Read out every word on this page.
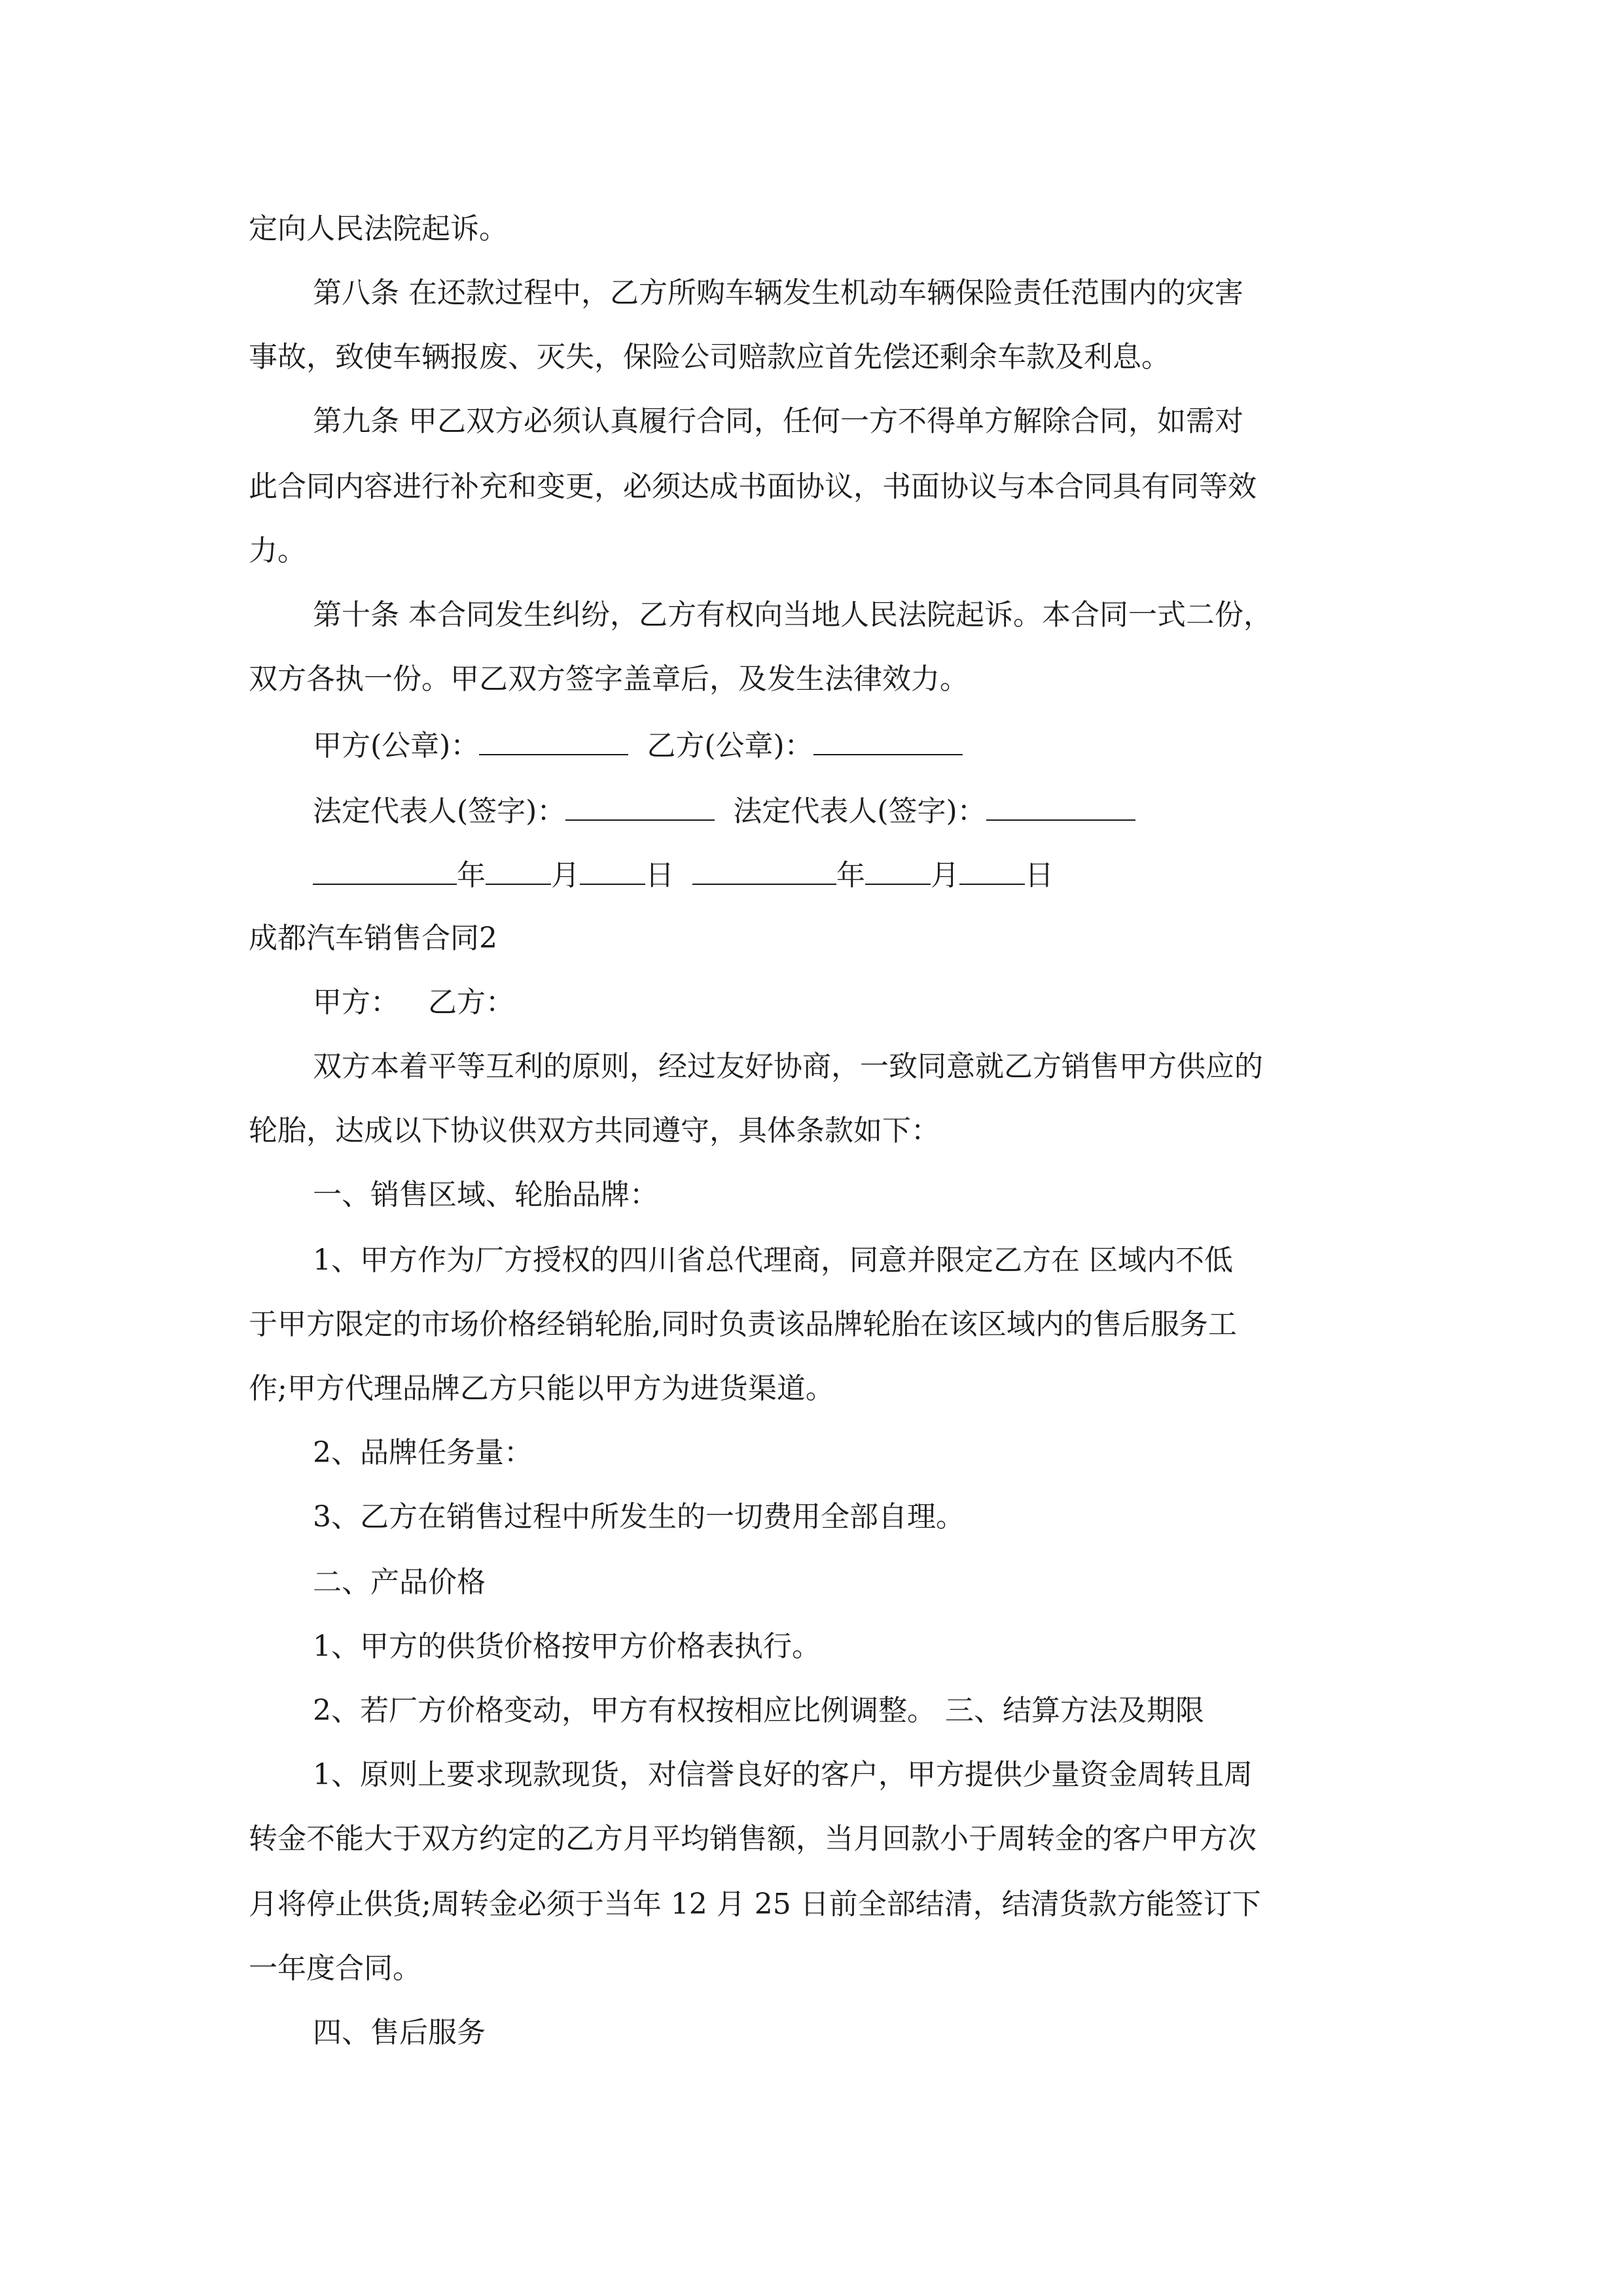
定向人民法院起诉。
第八条 在还款过程中，乙方所购车辆发生机动车辆保险责任范围内的灾害
事故，致使车辆报废、灭失，保险公司赔款应首先偿还剩余车款及利息。
第九条 甲乙双方必须认真履行合同，任何一方不得单方解除合同，如需对
此合同内容进行补充和变更，必须达成书面协议，书面协议与本合同具有同等效
力。
第十条 本合同发生纠纷，乙方有权向当地人民法院起诉。本合同一式二份，
双方各执一份。甲乙双方签字盖章后，及发生法律效力。
甲方(公章)：	乙方(公章)：
法定代表人(签字)：	法定代表人(签字)：
年 月 日	年 月 日
成都汽车销售合同2
甲方： 乙方：
双方本着平等互利的原则，经过友好协商，一致同意就乙方销售甲方供应的
轮胎，达成以下协议供双方共同遵守，具体条款如下：
一、销售区域、轮胎品牌：
1、甲方作为厂方授权的四川省总代理商，同意并限定乙方在 区域内不低
于甲方限定的市场价格经销轮胎,同时负责该品牌轮胎在该区域内的售后服务工
作;甲方代理品牌乙方只能以甲方为进货渠道。
2、品牌任务量：
3、乙方在销售过程中所发生的一切费用全部自理。
二、产品价格
1、甲方的供货价格按甲方价格表执行。
2、若厂方价格变动，甲方有权按相应比例调整。 三、结算方法及期限
1、原则上要求现款现货，对信誉良好的客户，甲方提供少量资金周转且周
转金不能大于双方约定的乙方月平均销售额，当月回款小于周转金的客户甲方次
月将停止供货;周转金必须于当年 12 月 25 日前全部结清，结清货款方能签订下
一年度合同。
四、售后服务
